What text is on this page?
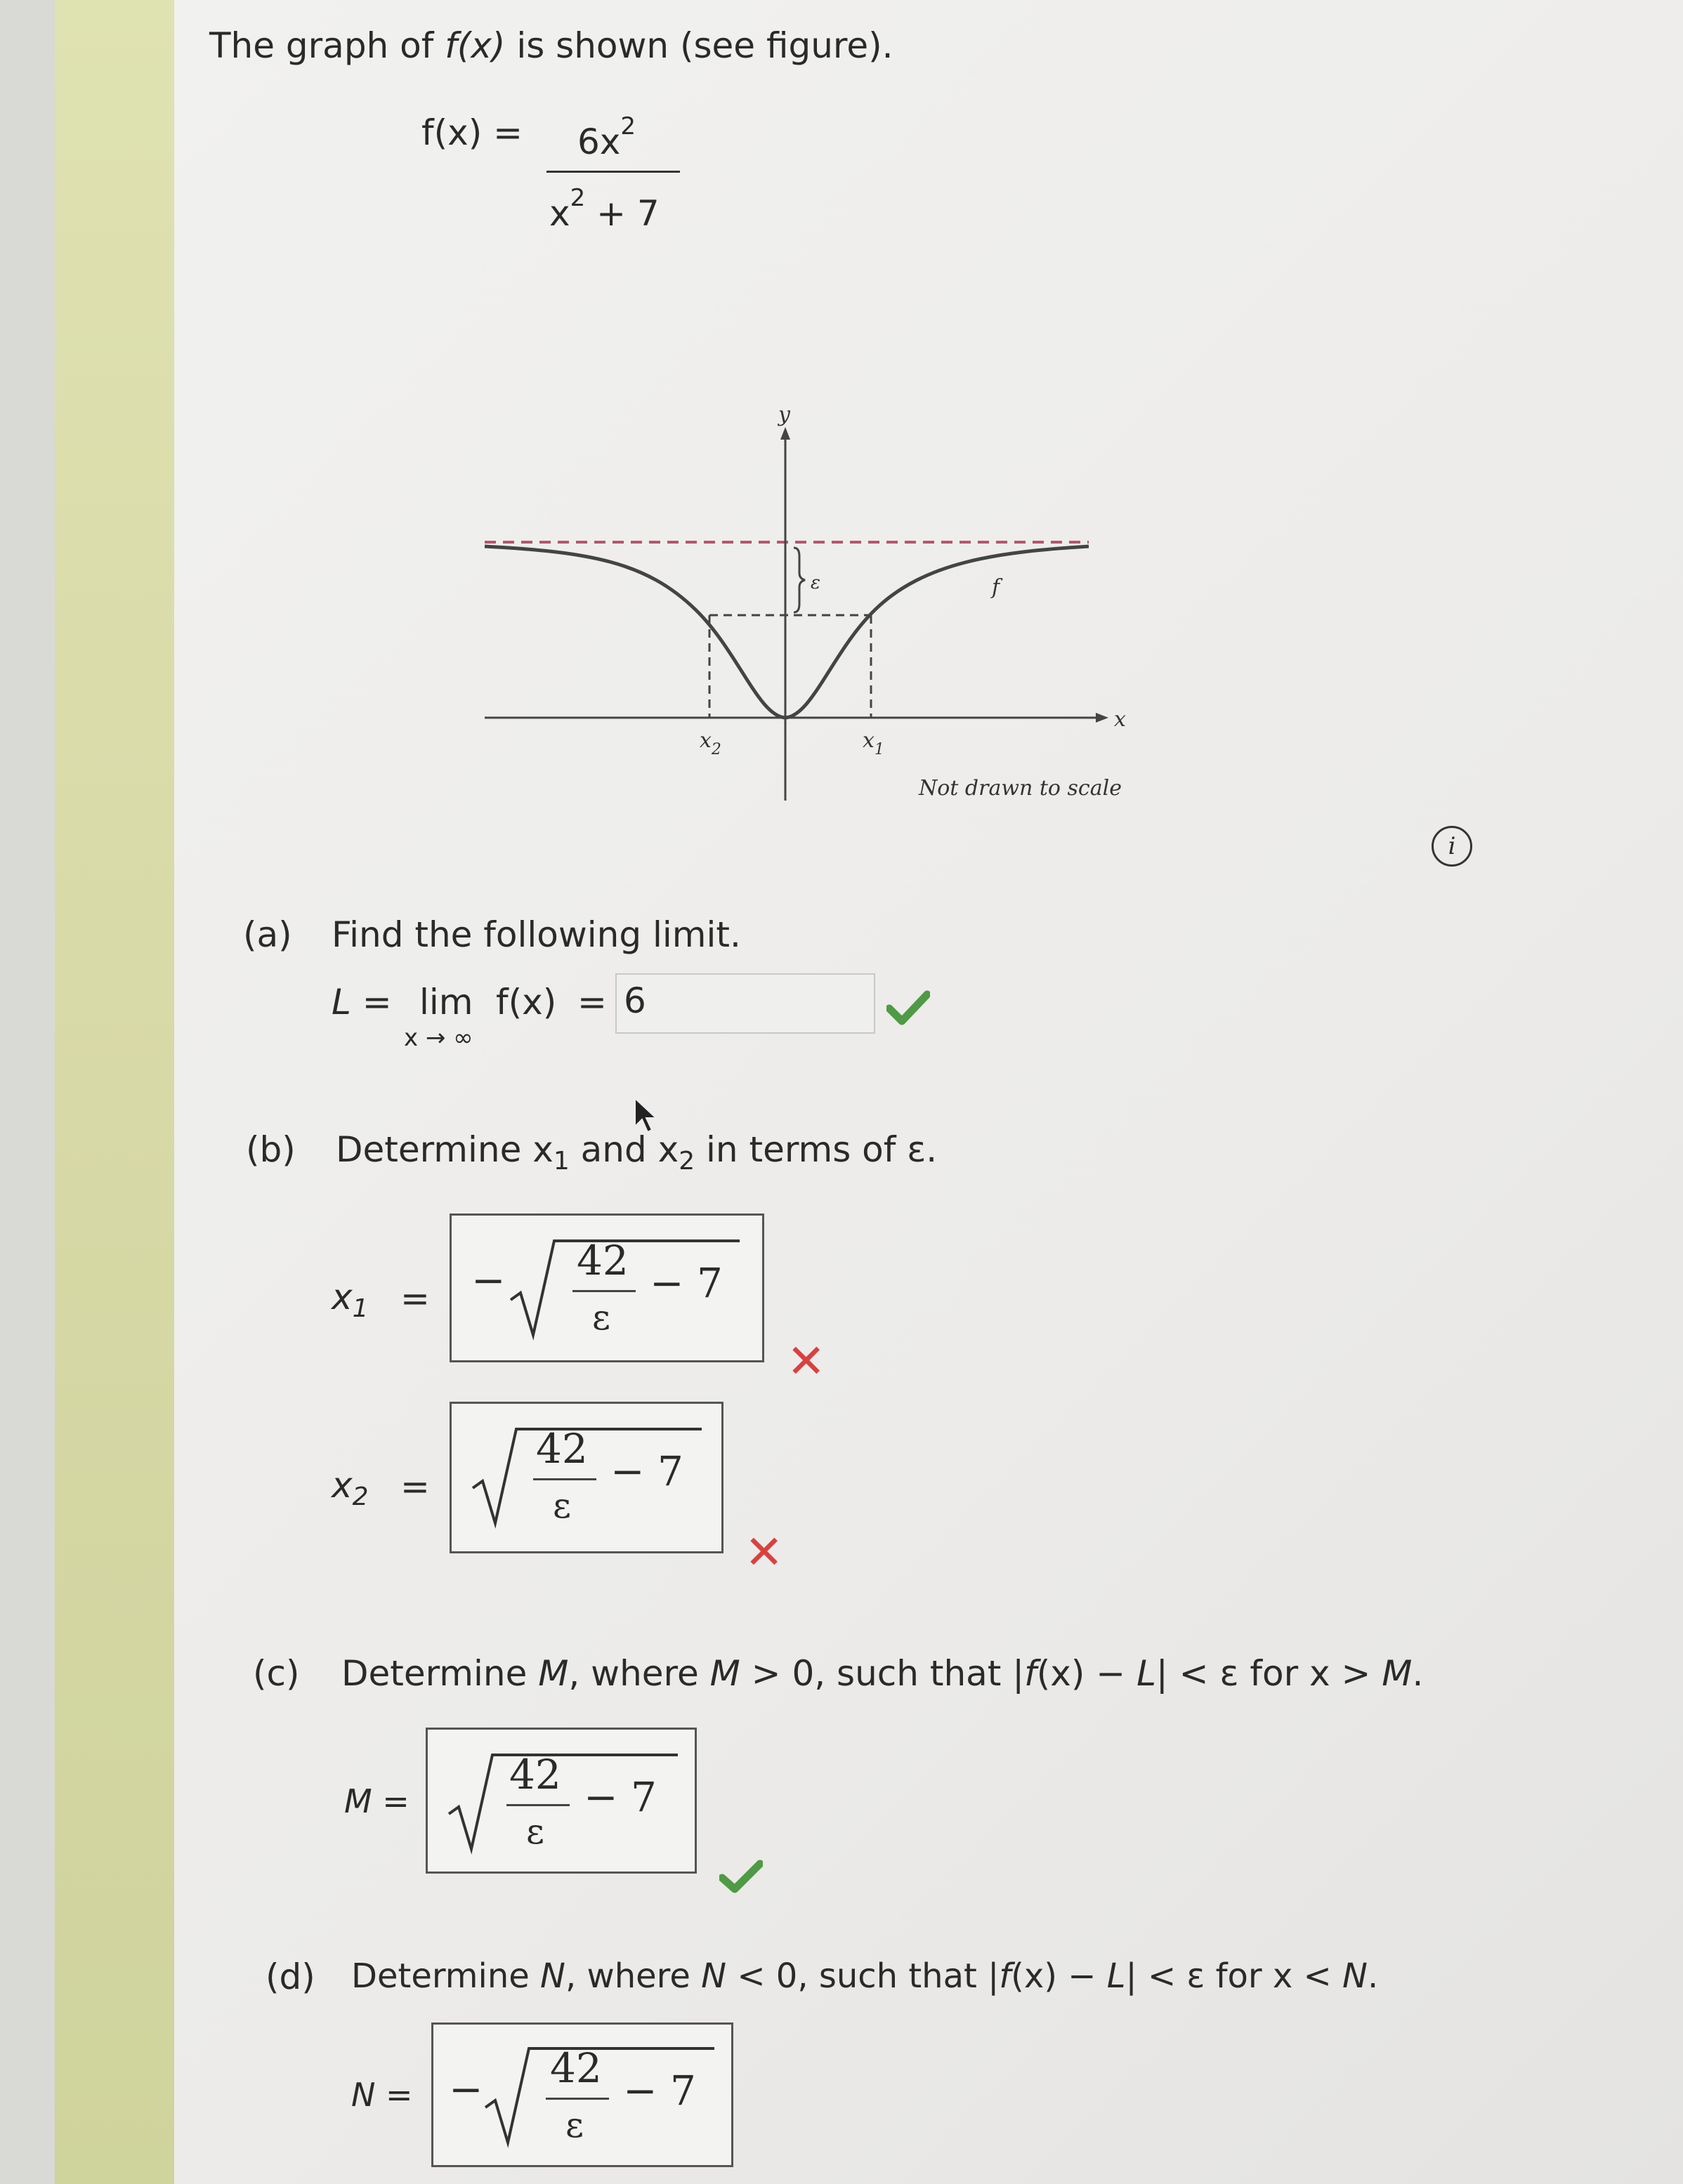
The graph of f(x) is shown (see figure).
$f(x) = 6x^2$
$x^2 + 7$
y
x
ε	f
$x_2$	$x_1$
Not drawn to scale
i
(a) Find the following limit.
L = lim
x → ∞
f(x) = 6
(b) Determine $x_1$ and $x_2$ in terms of ε.
$x_1$ = − 42
ε
− 7
✕
$x_2$ =
42
ε
− 7
✕
(c) Determine M, where M > 0, such that |f(x) − L| < ε for x > M.
M =
42
ε
− 7
(d) Determine N, where N < 0, such that |f(x) − L| < ε for x < N.
N = − 42
ε
− 7
